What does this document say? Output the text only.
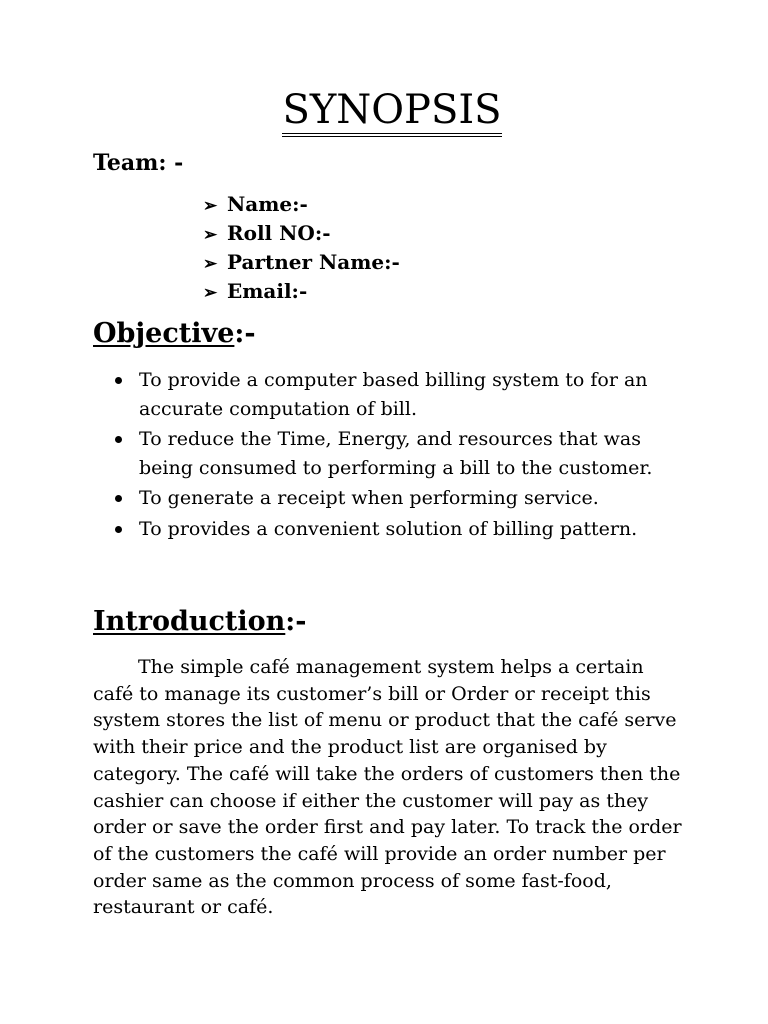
SYNOPSIS

Team: -

➢ Name:-
➢ Roll NO:-
➢ Partner Name:-
➢ Email:-
Objective:-
To provide a computer based billing system to for an accurate computation of bill.
To reduce the Time, Energy, and resources that was being consumed to performing a bill to the customer.
To generate a receipt when performing service.
To provides a convenient solution of billing pattern.
Introduction:-

The simple café management system helps a certain café to manage its customer’s bill or Order or receipt this system stores the list of menu or product that the café serve with their price and the product list are organised by category. The café will take the orders of customers then the cashier can choose if either the customer will pay as they order or save the order first and pay later. To track the order of the customers the café will provide an order number per order same as the common process of some fast-food, restaurant or café.
